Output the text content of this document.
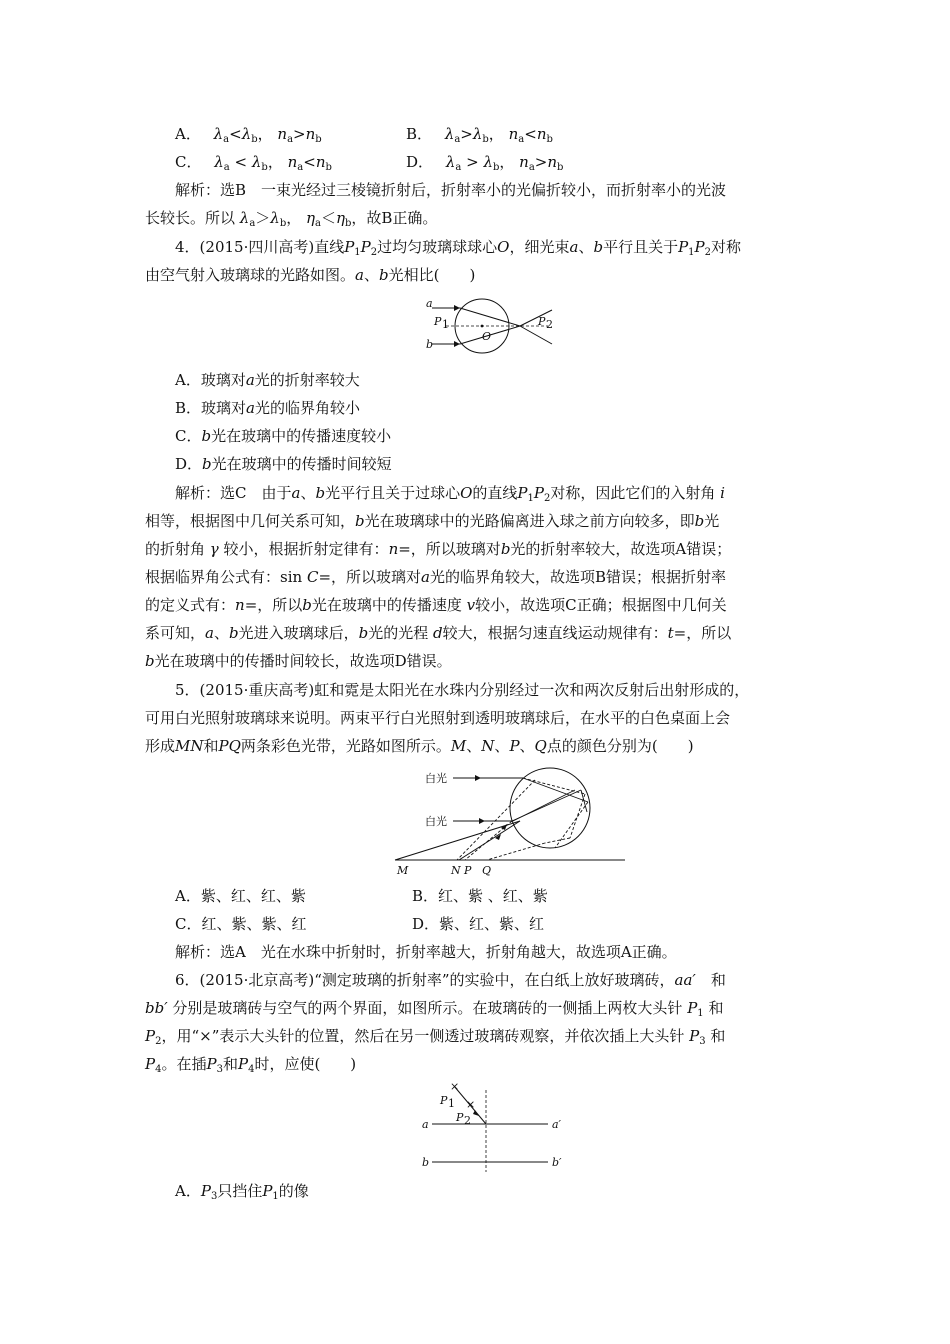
A． $\lambda_a<\lambda_b$， $n_a>n_b$	B． $\lambda_a>\lambda_b$， $n_a<n_b$
C． $\lambda_a < \lambda_b$， $n_a<n_b$	D． $\lambda_a > \lambda_b$， $n_a>n_b$
解析：选B　 一束光经过三棱镜折射后，折射率小的光偏折较小，而折射率小的光波
长较长。所以 $\lambda_a>\lambda_b$， $\eta_a<\eta_b$，故B正确。
4．(2015·四川高考)直线$P_1P_2$过均匀玻璃球球心O，细光束a、b平行且关于$P_1P_2$对称
由空气射入玻璃球的光路如图。a、b光相比(　　)
a
b
P 1	P 2
O
A．玻璃对a光的折射率较大
B．玻璃对a光的临界角较小
C．b光在玻璃中的传播速度较小
D．b光在玻璃中的传播时间较短
解析：选C　由于a、b光平行且关于过球心O的直线$P_1P_2$对称，因此它们的入射角 i
相等，根据图中几何关系可知，b光在玻璃球中的光路偏离进入球之前方向较多，即b光
的折射角 γ 较小，根据折射定律有：n=，所以玻璃对b光的折射率较大，故选项A错误；
根据临界角公式有：sin C=，所以玻璃对a光的临界角较大，故选项B错误；根据折射率
的定义式有：n=，所以b光在玻璃中的传播速度 v较小，故选项C正确；根据图中几何关
系可知，a、b光进入玻璃球后，b光的光程 d较大，根据匀速直线运动规律有：t=，所以
b光在玻璃中的传播时间较长，故选项D错误。
5．(2015·重庆高考)虹和霓是太阳光在水珠内分别经过一次和两次反射后出射形成的，
可用白光照射玻璃球来说明。两束平行白光照射到透明玻璃球后，在水平的白色桌面上会
形成MN和PQ两条彩色光带，光路如图所示。M、N、P、Q点的颜色分别为(　　)
白光
白光
M	N P Q
A．紫、红、红、紫	B．红、紫 、红、紫
C．红、紫、紫、红	D．紫、红、紫、红
解析：选A　光在水珠中折射时，折射率越大，折射角越大，故选项A正确。
6．(2015·北京高考)“测定玻璃的折射率”的实验中，在白纸上放好玻璃砖，aa′　 和
bb′ 分别是玻璃砖与空气的两个界面，如图所示。在玻璃砖的一侧插上两枚大头针 $P_1$ 和
$P_2$，用“×”表示大头针的位置，然后在另一侧透过玻璃砖观察，并依次插上大头针 $P_3$ 和
$P_4$。在插$P_3$和$P_4$时，应使(　　)
×
×
P 1
P 2
a	a′
b	b′
A．$P_3$只挡住$P_1$的像
